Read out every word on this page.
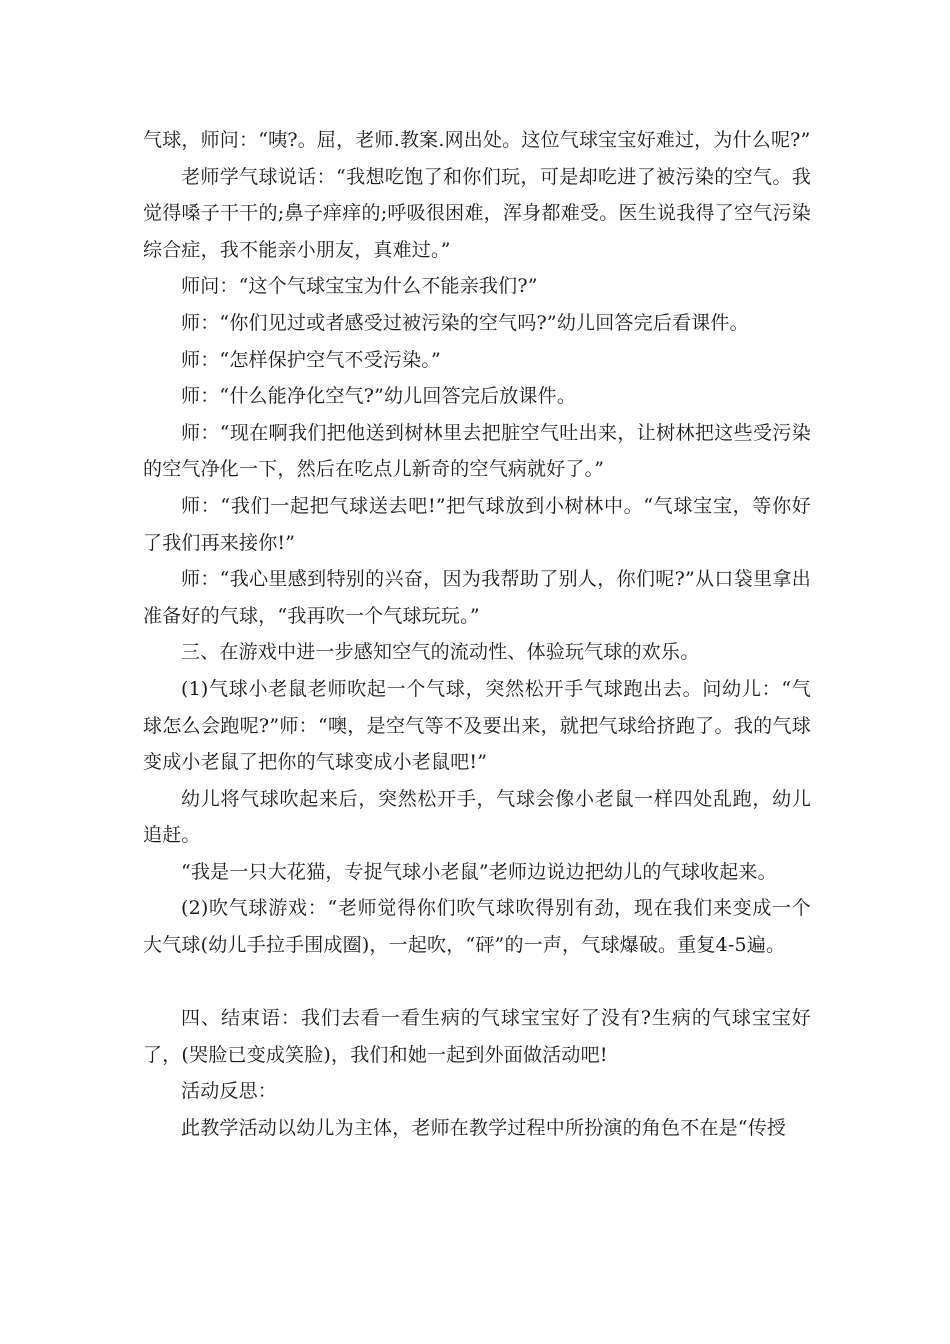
气球，师问：“咦?。屈，老师.教案.网出处。这位气球宝宝好难过，为什么呢?”

老师学气球说话：“我想吃饱了和你们玩，可是却吃进了被污染的空气。我觉得嗓子干干的;鼻子痒痒的;呼吸很困难，浑身都难受。医生说我得了空气污染综合症，我不能亲小朋友，真难过。”

师问：“这个气球宝宝为什么不能亲我们?”

师：“你们见过或者感受过被污染的空气吗?”幼儿回答完后看课件。

师：“怎样保护空气不受污染。”

师：“什么能净化空气?”幼儿回答完后放课件。

师：“现在啊我们把他送到树林里去把脏空气吐出来，让树林把这些受污染的空气净化一下，然后在吃点儿新奇的空气病就好了。”

师：“我们一起把气球送去吧!”把气球放到小树林中。“气球宝宝，等你好了我们再来接你!”

师：“我心里感到特别的兴奋，因为我帮助了别人，你们呢?”从口袋里拿出准备好的气球，“我再吹一个气球玩玩。”

三、在游戏中进一步感知空气的流动性、体验玩气球的欢乐。

(1)气球小老鼠老师吹起一个气球，突然松开手气球跑出去。问幼儿：“气球怎么会跑呢?”师：“噢，是空气等不及要出来，就把气球给挤跑了。我的气球变成小老鼠了把你的气球变成小老鼠吧!”

幼儿将气球吹起来后，突然松开手，气球会像小老鼠一样四处乱跑，幼儿追赶。

“我是一只大花猫，专捉气球小老鼠”老师边说边把幼儿的气球收起来。

(2)吹气球游戏：“老师觉得你们吹气球吹得别有劲，现在我们来变成一个大气球(幼儿手拉手围成圈)，一起吹，“砰”的一声，气球爆破。重复4-5遍。

四、结束语：我们去看一看生病的气球宝宝好了没有?生病的气球宝宝好了，(哭脸已变成笑脸)，我们和她一起到外面做活动吧!

活动反思：

此教学活动以幼儿为主体，老师在教学过程中所扮演的角色不在是“传授
